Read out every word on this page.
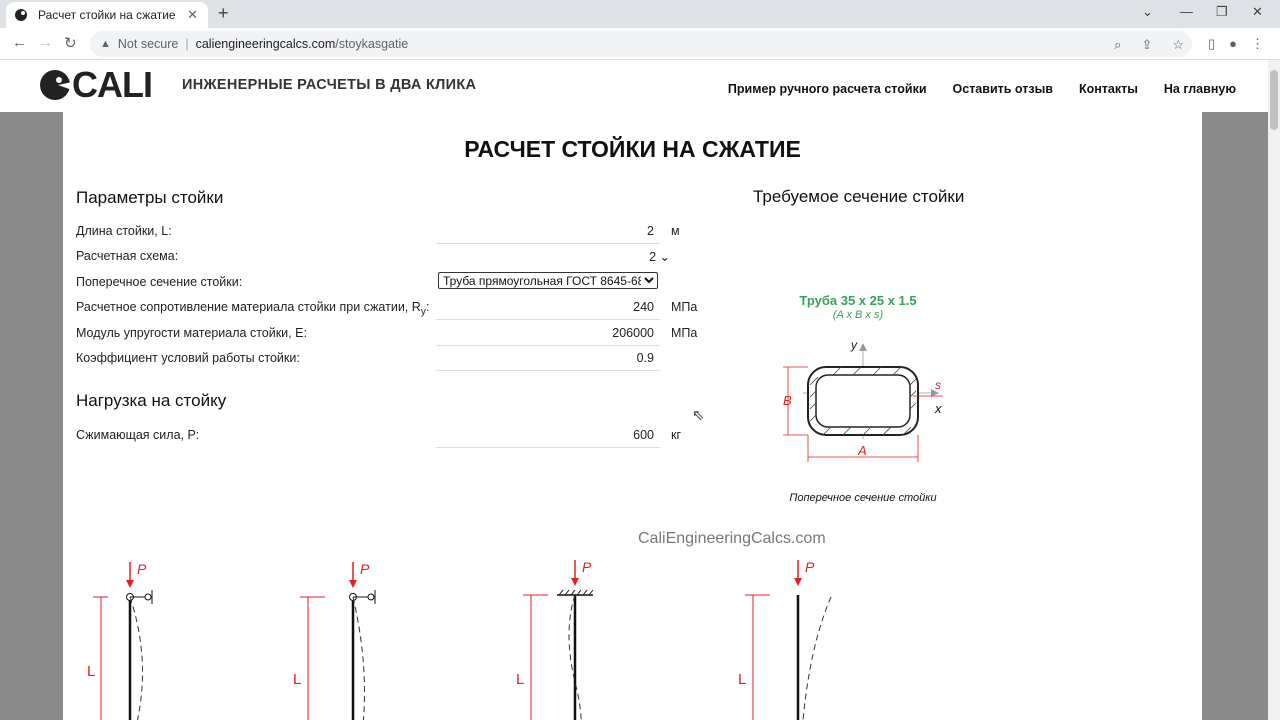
Расчет стойки на сжатие ✕ +	⌄ — ❐ ✕
← → ↻ ▲ Not secure | caliengineeringcalcs.com /stoykasgatie	⌕ ⇪ ☆ ▯ ● ⋮
CALI ИНЖЕНЕРНЫЕ РАСЧЕТЫ В ДВА КЛИКА	Пример ручного расчета стойки Оставить отзыв Контакты На главную
РАСЧЕТ СТОЙКИ НА СЖАТИЕ
Параметры стойки
Длина стойки, L:	2	м
Расчетная схема:	2 ⌄
Поперечное сечение стойки:
Труба прямоугольная ГОСТ 8645-68
Расчетное сопротивление материала стойки при сжатии, $R_y$:	240	МПа
Модуль упругости материала стойки, E:	206000	МПа
Коэффициент условий работы стойки:	0.9
Нагрузка на стойку
Сжимающая сила, P:	600	кг
⇖
Требуемое сечение стойки
Труба 35 х 25 х 1.5
(A x B x s)
B
A
s
y
x
Поперечное сечение стойки
CaliEngineeringCalcs.com
P
L
P
L
P
L
P
L
